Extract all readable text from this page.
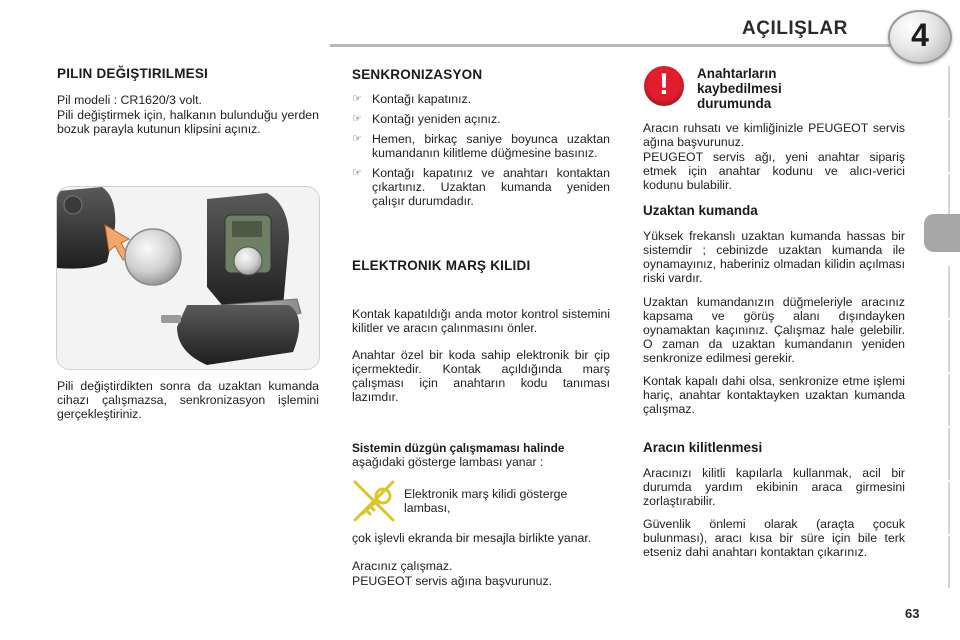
AÇILIŞLAR	4
PILIN DEĞIŞTIRILMESI

Pil modeli : CR1620/3 volt.

Pili değiştirmek için, halkanın bulunduğu yerden bozuk parayla kutunun klipsini açınız.

Pili değiştirdikten sonra da uzaktan kumanda cihazı çalışmazsa, senkronizasyon işlemini gerçekleştiriniz.

SENKRONIZASYON
☞ Kontağı kapatınız.
☞ Kontağı yeniden açınız.
☞ Hemen, birkaç saniye boyunca uzaktan kumandanın kilitleme düğmesine basınız.
☞ Kontağı kapatınız ve anahtarı kontaktan çıkartınız. Uzaktan kumanda yeniden çalışır durumdadır.
ELEKTRONIK MARŞ KILIDI

Kontak kapatıldığı anda motor kontrol sistemini kilitler ve aracın çalınmasını önler.

Anahtar özel bir koda sahip elektronik bir çip içermektedir. Kontak açıldığında marş çalışması için anahtarın kodu tanıması lazımdır.

Sistemin düzgün çalışmaması halinde
aşağıdaki gösterge lambası yanar :

Elektronik marş kilidi gösterge lambası,

çok işlevli ekranda bir mesajla birlikte yanar.

Aracınız çalışmaz.

PEUGEOT servis ağına başvurunuz.

!	Anahtarların kaybedilmesi durumunda

Aracın ruhsatı ve kimliğinizle PEUGEOT servis ağına başvurunuz.

PEUGEOT servis ağı, yeni anahtar sipariş etmek için anahtar kodunu ve alıcı-verici kodunu bulabilir.

Uzaktan kumanda

Yüksek frekanslı uzaktan kumanda hassas bir sistemdir ; cebinizde uzaktan kumanda ile oynamayınız, haberiniz olmadan kilidin açılması riski vardır.

Uzaktan kumandanızın düğmeleriyle aracınız kapsama ve görüş alanı dışındayken oynamaktan kaçınınız. Çalışmaz hale gelebilir. O zaman da uzaktan kumandanın yeniden senkronize edilmesi gerekir.

Kontak kapalı dahi olsa, senkronize etme işlemi hariç, anahtar kontaktayken uzaktan kumanda çalışmaz.

Aracın kilitlenmesi

Aracınızı kilitli kapılarla kullanmak, acil bir durumda yardım ekibinin araca girmesini zorlaştırabilir.

Güvenlik önlemi olarak (araçta çocuk bulunması), aracı kısa bir süre için bile terk etseniz dahi anahtarı kontaktan çıkarınız.

63
